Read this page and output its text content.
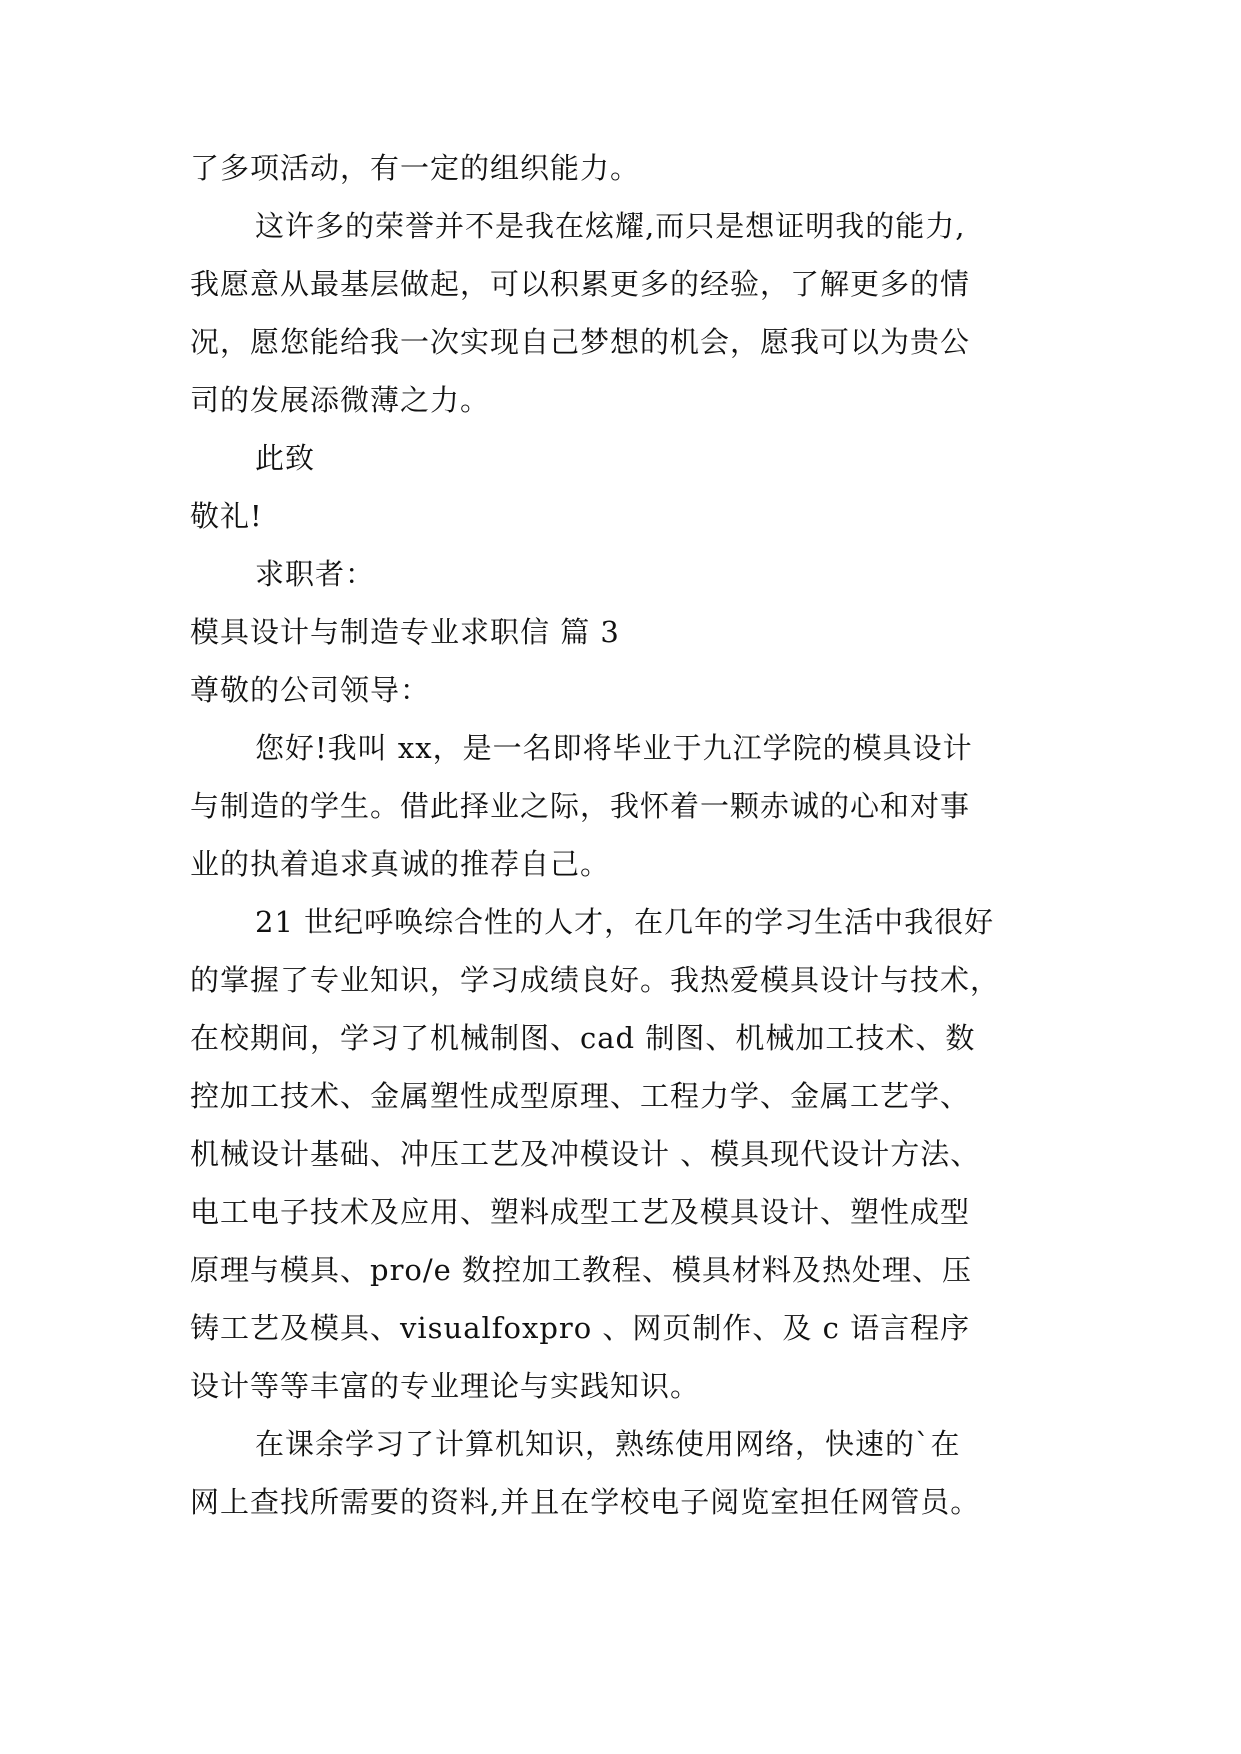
了多项活动，有一定的组织能力。

这许多的荣誉并不是我在炫耀,而只是想证明我的能力,

我愿意从最基层做起，可以积累更多的经验，了解更多的情

况，愿您能给我一次实现自己梦想的机会，愿我可以为贵公

司的发展添微薄之力。

此致

敬礼!

求职者：

模具设计与制造专业求职信 篇 3

尊敬的公司领导：

您好!我叫 xx，是一名即将毕业于九江学院的模具设计

与制造的学生。借此择业之际，我怀着一颗赤诚的心和对事

业的执着追求真诚的推荐自己。

21 世纪呼唤综合性的人才，在几年的学习生活中我很好

的掌握了专业知识，学习成绩良好。我热爱模具设计与技术，

在校期间，学习了机械制图、cad 制图、机械加工技术、数

控加工技术、金属塑性成型原理、工程力学、金属工艺学、

机械设计基础、冲压工艺及冲模设计 、模具现代设计方法、

电工电子技术及应用、塑料成型工艺及模具设计、塑性成型

原理与模具、pro/e 数控加工教程、模具材料及热处理、压

铸工艺及模具、visualfoxpro 、网页制作、及 c 语言程序

设计等等丰富的专业理论与实践知识。

在课余学习了计算机知识，熟练使用网络，快速的`在

网上查找所需要的资料,并且在学校电子阅览室担任网管员。
